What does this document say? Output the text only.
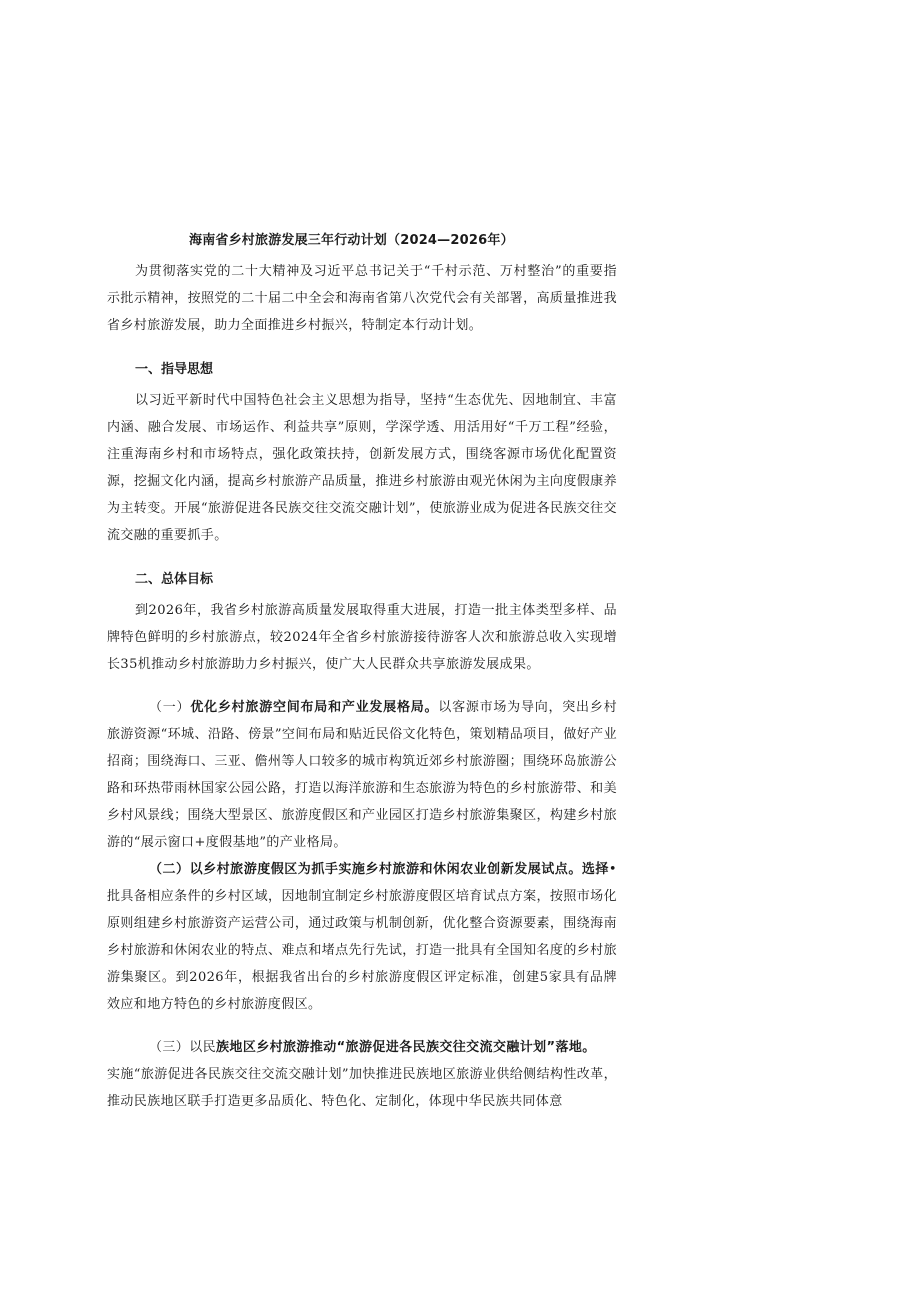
海南省乡村旅游发展三年行动计划（2024—2026年）

为贯彻落实党的二十大精神及习近平总书记关于“千村示范、万村整治”的重要指示批示精神，按照党的二十届二中全会和海南省第八次党代会有关部署，高质量推进我省乡村旅游发展，助力全面推进乡村振兴，特制定本行动计划。

一、指导思想

以习近平新时代中国特色社会主义思想为指导，坚持“生态优先、因地制宜、丰富内涵、融合发展、市场运作、利益共享”原则，学深学透、用活用好“千万工程”经验，注重海南乡村和市场特点，强化政策扶持，创新发展方式，围绕客源市场优化配置资源，挖掘文化内涵，提高乡村旅游产品质量，推进乡村旅游由观光休闲为主向度假康养为主转变。开展“旅游促进各民族交往交流交融计划”，使旅游业成为促进各民族交往交流交融的重要抓手。

二、总体目标

到2026年，我省乡村旅游高质量发展取得重大进展，打造一批主体类型多样、品牌特色鲜明的乡村旅游点，较2024年全省乡村旅游接待游客人次和旅游总收入实现增长35机推动乡村旅游助力乡村振兴，使广大人民群众共享旅游发展成果。

（一）优化乡村旅游空间布局和产业发展格局。以客源市场为导向，突出乡村旅游资源“环城、沿路、傍景”空间布局和贴近民俗文化特色，策划精品项目，做好产业招商；围绕海口、三亚、儋州等人口较多的城市构筑近郊乡村旅游圈；围绕环岛旅游公路和环热带雨林国家公园公路，打造以海洋旅游和生态旅游为特色的乡村旅游带、和美乡村风景线；围绕大型景区、旅游度假区和产业园区打造乡村旅游集聚区，构建乡村旅游的“展示窗口+度假基地”的产业格局。

（二）以乡村旅游度假区为抓手实施乡村旅游和休闲农业创新发展试点。选择•批具备相应条件的乡村区域，因地制宜制定乡村旅游度假区培育试点方案，按照市场化原则组建乡村旅游资产运营公司，通过政策与机制创新，优化整合资源要素，围绕海南乡村旅游和休闲农业的特点、难点和堵点先行先试，打造一批具有全国知名度的乡村旅游集聚区。到2026年，根据我省出台的乡村旅游度假区评定标准，创建5家具有品牌效应和地方特色的乡村旅游度假区。

（三）以民族地区乡村旅游推动“旅游促进各民族交往交流交融计划”落地。

实施“旅游促进各民族交往交流交融计划”加快推进民族地区旅游业供给侧结构性改革，推动民族地区联手打造更多品质化、特色化、定制化，体现中华民族共同体意
